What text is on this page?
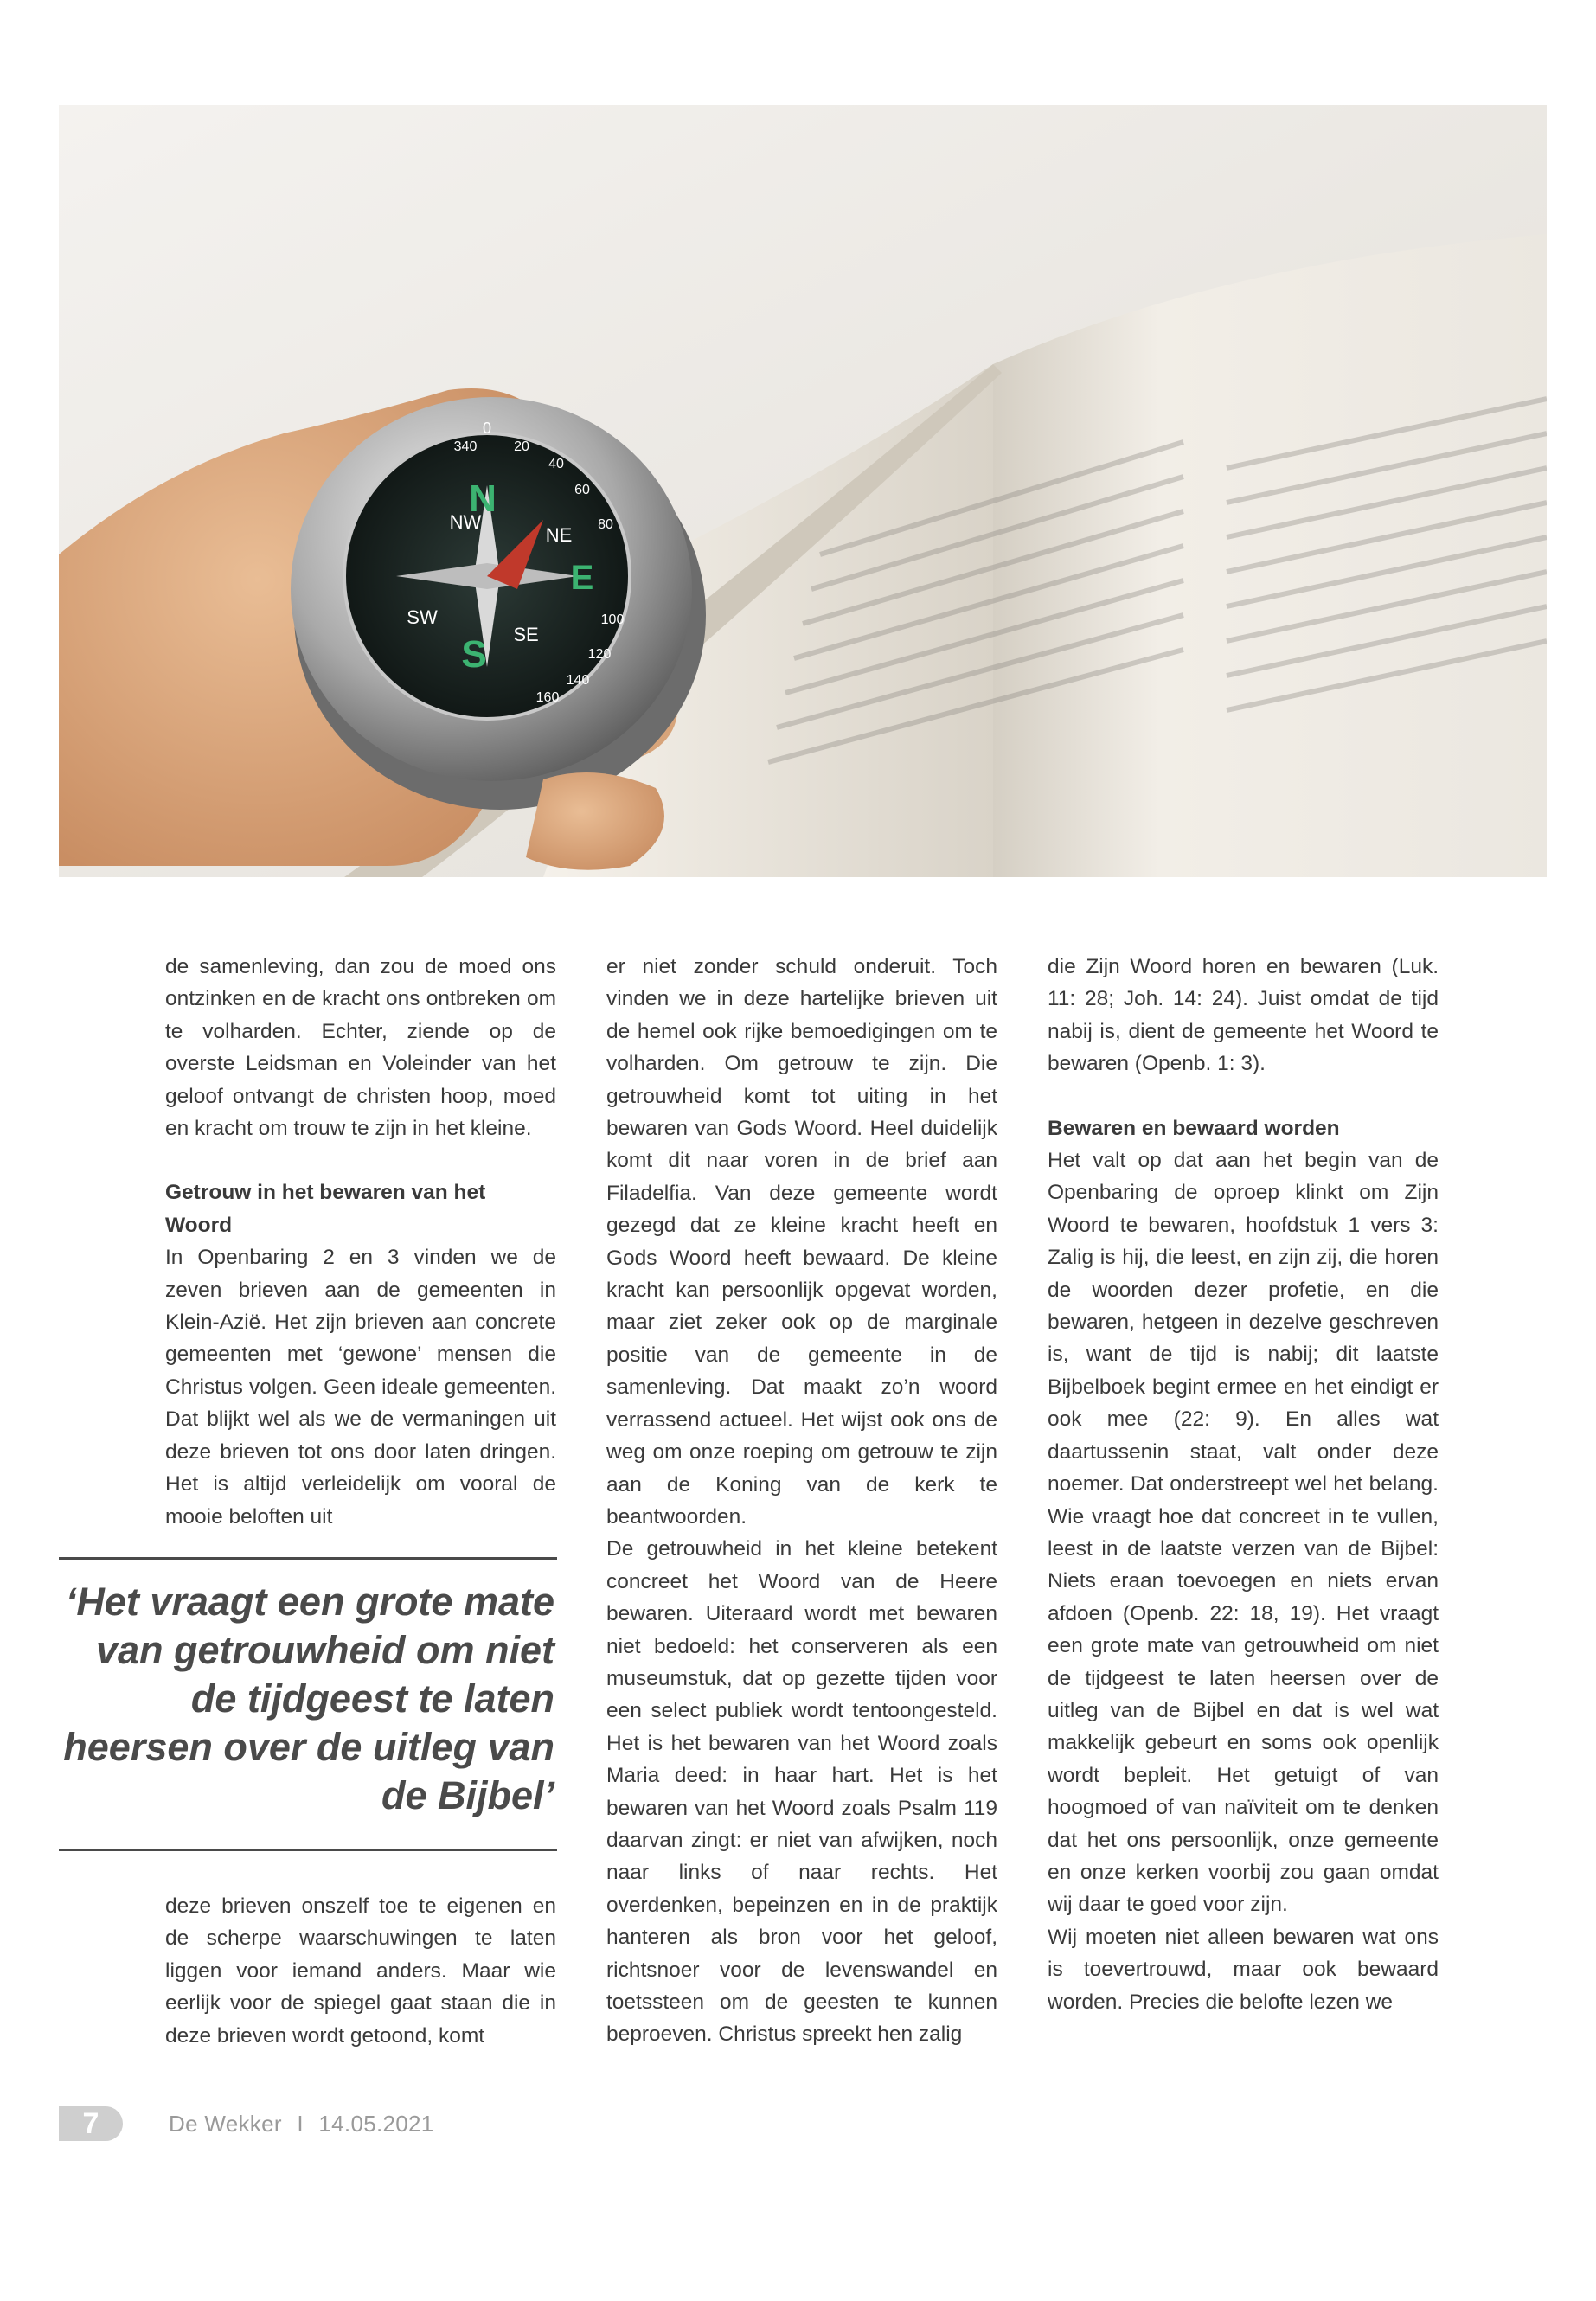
0
N
NE
E
SE
S
SW
NW
340	20
40
60
80
100
120
140
160

de samenleving, dan zou de moed ons ontzinken en de kracht ons ontbreken om te volharden. Echter, ziende op de overste Leidsman en Voleinder van het geloof ontvangt de christen hoop, moed en kracht om trouw te zijn in het kleine.

Getrouw in het bewaren van het Woord

In Openbaring 2 en 3 vinden we de zeven brieven aan de gemeenten in Klein-Azië. Het zijn brieven aan concrete gemeenten met ‘gewone’ mensen die Christus volgen. Geen ideale gemeenten. Dat blijkt wel als we de vermaningen uit deze brieven tot ons door laten dringen. Het is altijd verleidelijk om vooral de mooie beloften uit

‘Het vraagt een grote mate van getrouwheid om niet de tijdgeest te laten heersen over de uitleg van de Bijbel’

deze brieven onszelf toe te eigenen en de scherpe waarschuwingen te laten liggen voor iemand anders. Maar wie eerlijk voor de spiegel gaat staan die in deze brieven wordt getoond, komt

er niet zonder schuld onderuit. Toch vinden we in deze hartelijke brieven uit de hemel ook rijke bemoedigingen om te volharden. Om getrouw te zijn. Die getrouwheid komt tot uiting in het bewaren van Gods Woord. Heel duidelijk komt dit naar voren in de brief aan Filadelfia. Van deze gemeente wordt gezegd dat ze kleine kracht heeft en Gods Woord heeft bewaard. De kleine kracht kan persoonlijk opgevat worden, maar ziet zeker ook op de marginale positie van de gemeente in de samenleving. Dat maakt zo’n woord verrassend actueel. Het wijst ook ons de weg om onze roeping om getrouw te zijn aan de Koning van de kerk te beantwoorden.

De getrouwheid in het kleine betekent concreet het Woord van de Heere bewaren. Uiteraard wordt met bewaren niet bedoeld: het conserveren als een museumstuk, dat op gezette tijden voor een select publiek wordt tentoongesteld. Het is het bewaren van het Woord zoals Maria deed: in haar hart. Het is het bewaren van het Woord zoals Psalm 119 daarvan zingt: er niet van afwijken, noch naar links of naar rechts. Het overdenken, bepeinzen en in de praktijk hanteren als bron voor het geloof, richtsnoer voor de levenswandel en toetssteen om de geesten te kunnen beproeven. Christus spreekt hen zalig

die Zijn Woord horen en bewaren (Luk. 11: 28; Joh. 14: 24). Juist omdat de tijd nabij is, dient de gemeente het Woord te bewaren (Openb. 1: 3).

Bewaren en bewaard worden

Het valt op dat aan het begin van de Openbaring de oproep klinkt om Zijn Woord te bewaren, hoofdstuk 1 vers 3: Zalig is hij, die leest, en zijn zij, die horen de woorden dezer profetie, en die bewaren, hetgeen in dezelve geschreven is, want de tijd is nabij; dit laatste Bijbelboek begint ermee en het eindigt er ook mee (22: 9). En alles wat daartussenin staat, valt onder deze noemer. Dat onderstreept wel het belang. Wie vraagt hoe dat concreet in te vullen, leest in de laatste verzen van de Bijbel: Niets eraan toevoegen en niets ervan afdoen (Openb. 22: 18, 19). Het vraagt een grote mate van getrouwheid om niet de tijdgeest te laten heersen over de uitleg van de Bijbel en dat is wel wat makkelijk gebeurt en soms ook openlijk wordt bepleit. Het getuigt of van hoogmoed of van naïviteit om te denken dat het ons persoonlijk, onze gemeente en onze kerken voorbij zou gaan omdat wij daar te goed voor zijn.

Wij moeten niet alleen bewaren wat ons is toevertrouwd, maar ook bewaard worden. Precies die belofte lezen we

7	De Wekker I 14.05.2021
